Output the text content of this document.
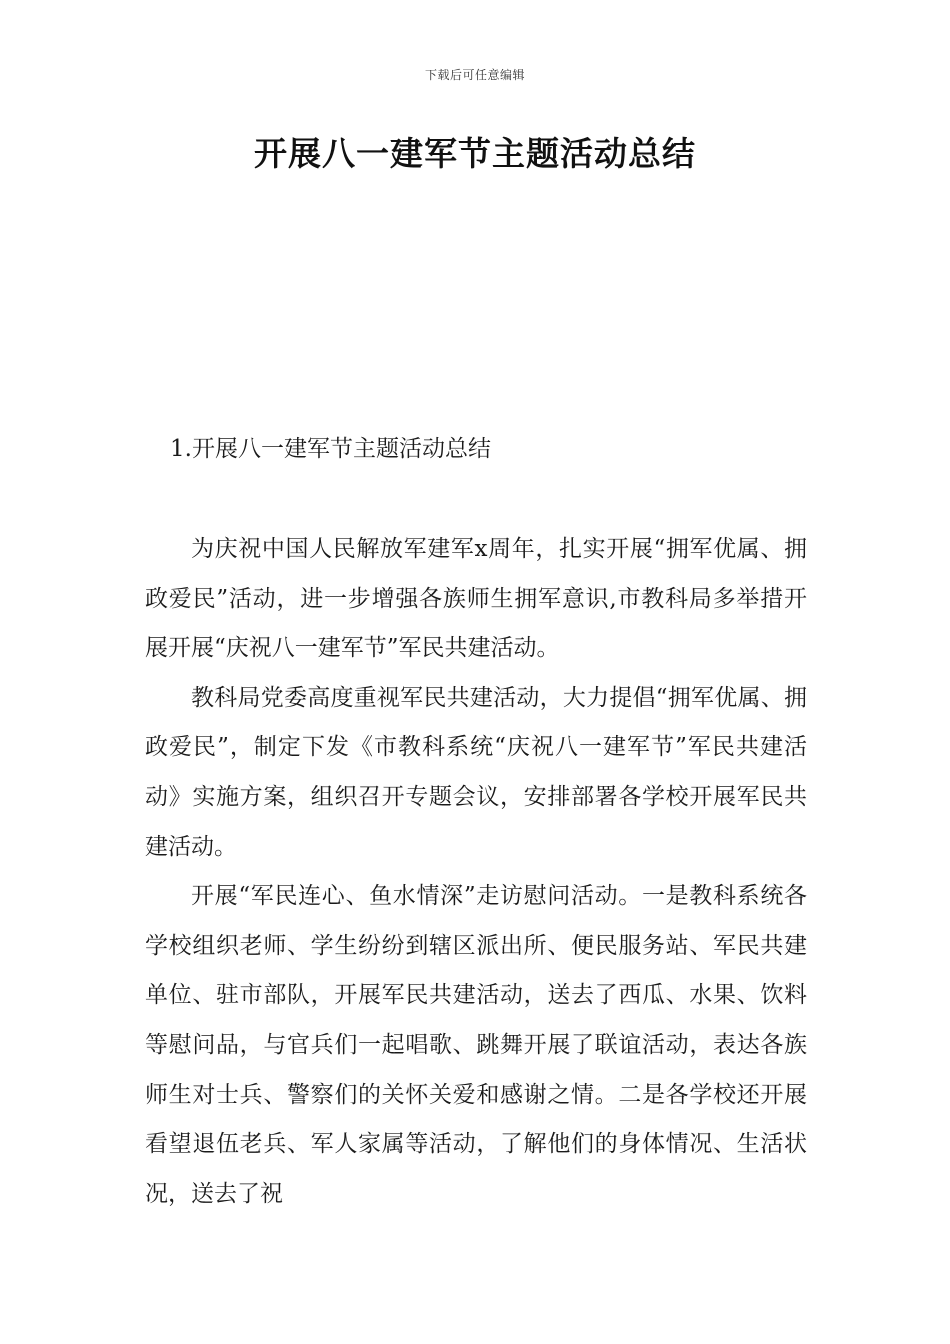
下载后可任意编辑
开展八一建军节主题活动总结
1.开展八一建军节主题活动总结

为庆祝中国人民解放军建军x周年，扎实开展“拥军优属、拥政爱民”活动，进一步增强各族师生拥军意识,市教科局多举措开展开展“庆祝八一建军节”军民共建活动。

教科局党委高度重视军民共建活动，大力提倡“拥军优属、拥政爱民”，制定下发《市教科系统“庆祝八一建军节”军民共建活动》实施方案，组织召开专题会议，安排部署各学校开展军民共建活动。

开展“军民连心、鱼水情深”走访慰问活动。一是教科系统各学校组织老师、学生纷纷到辖区派出所、便民服务站、军民共建单位、驻市部队，开展军民共建活动，送去了西瓜、水果、饮料等慰问品，与官兵们一起唱歌、跳舞开展了联谊活动，表达各族师生对士兵、警察们的关怀关爱和感谢之情。二是各学校还开展看望退伍老兵、军人家属等活动，了解他们的身体情况、生活状况，送去了祝
